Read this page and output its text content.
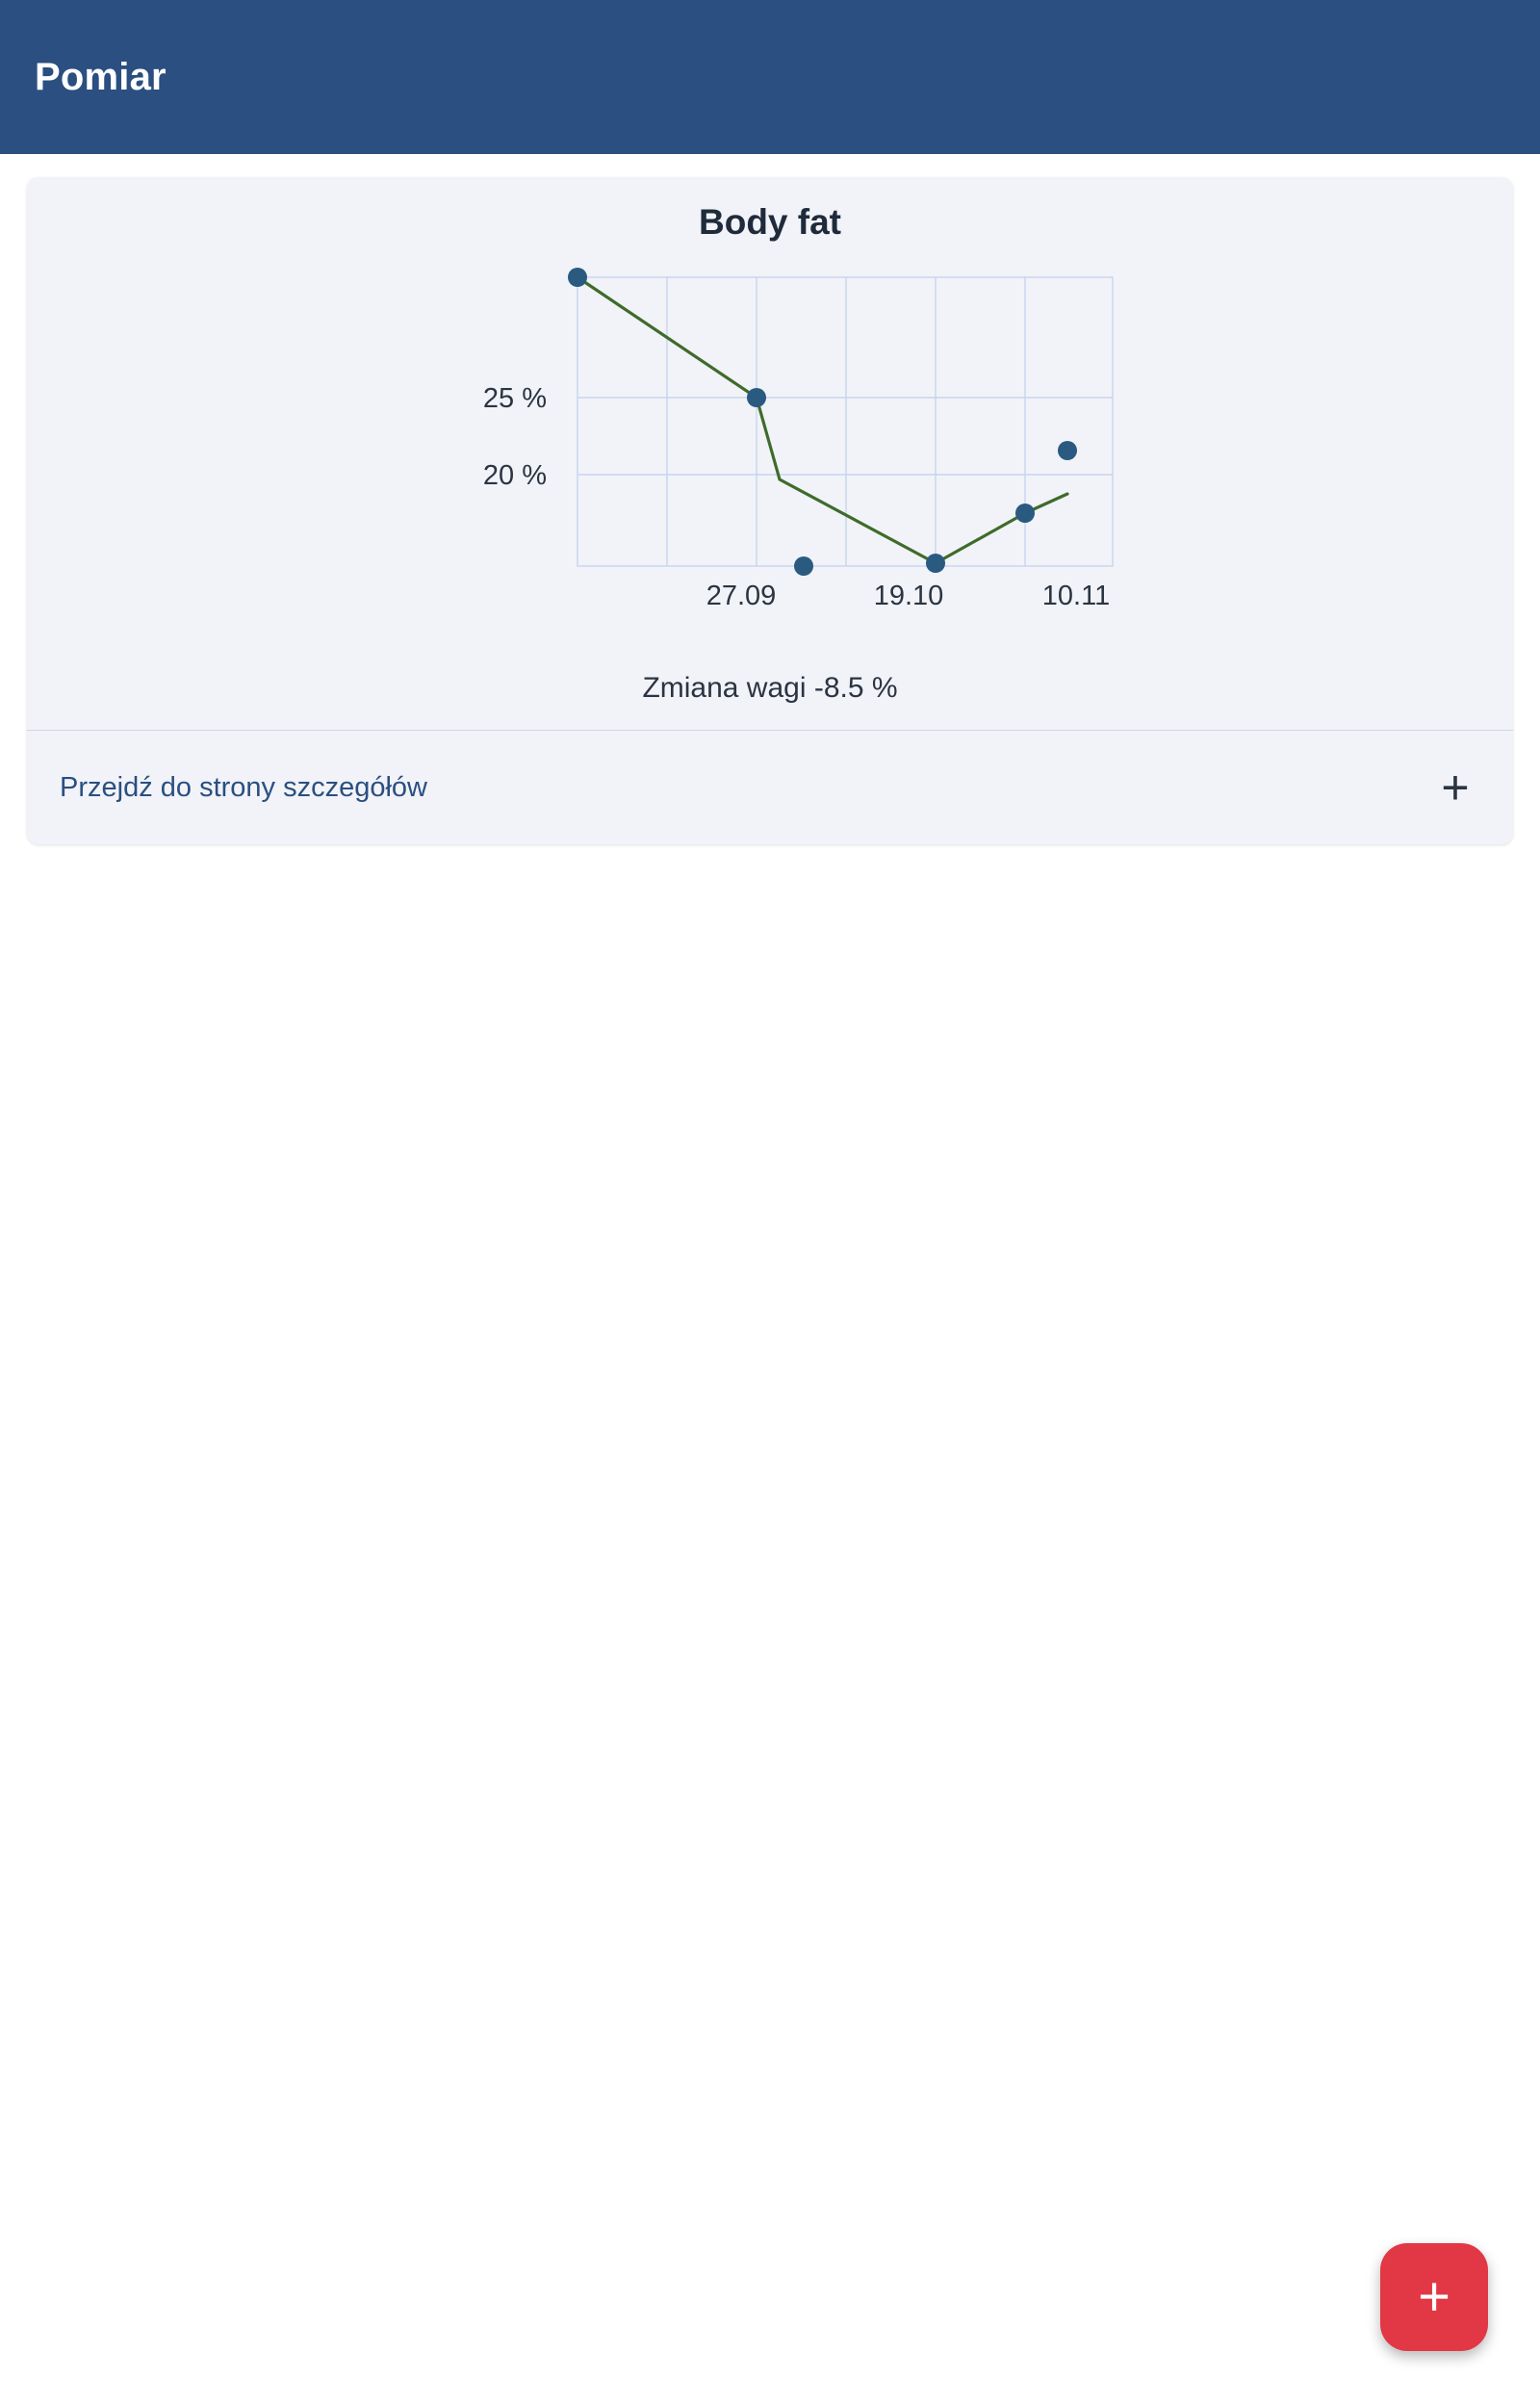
Pomiar
Body fat
25 %
20 %
27.09	19.10	10.11
Zmiana wagi -8.5 %
Przejdź do strony szczegółów	+
+
